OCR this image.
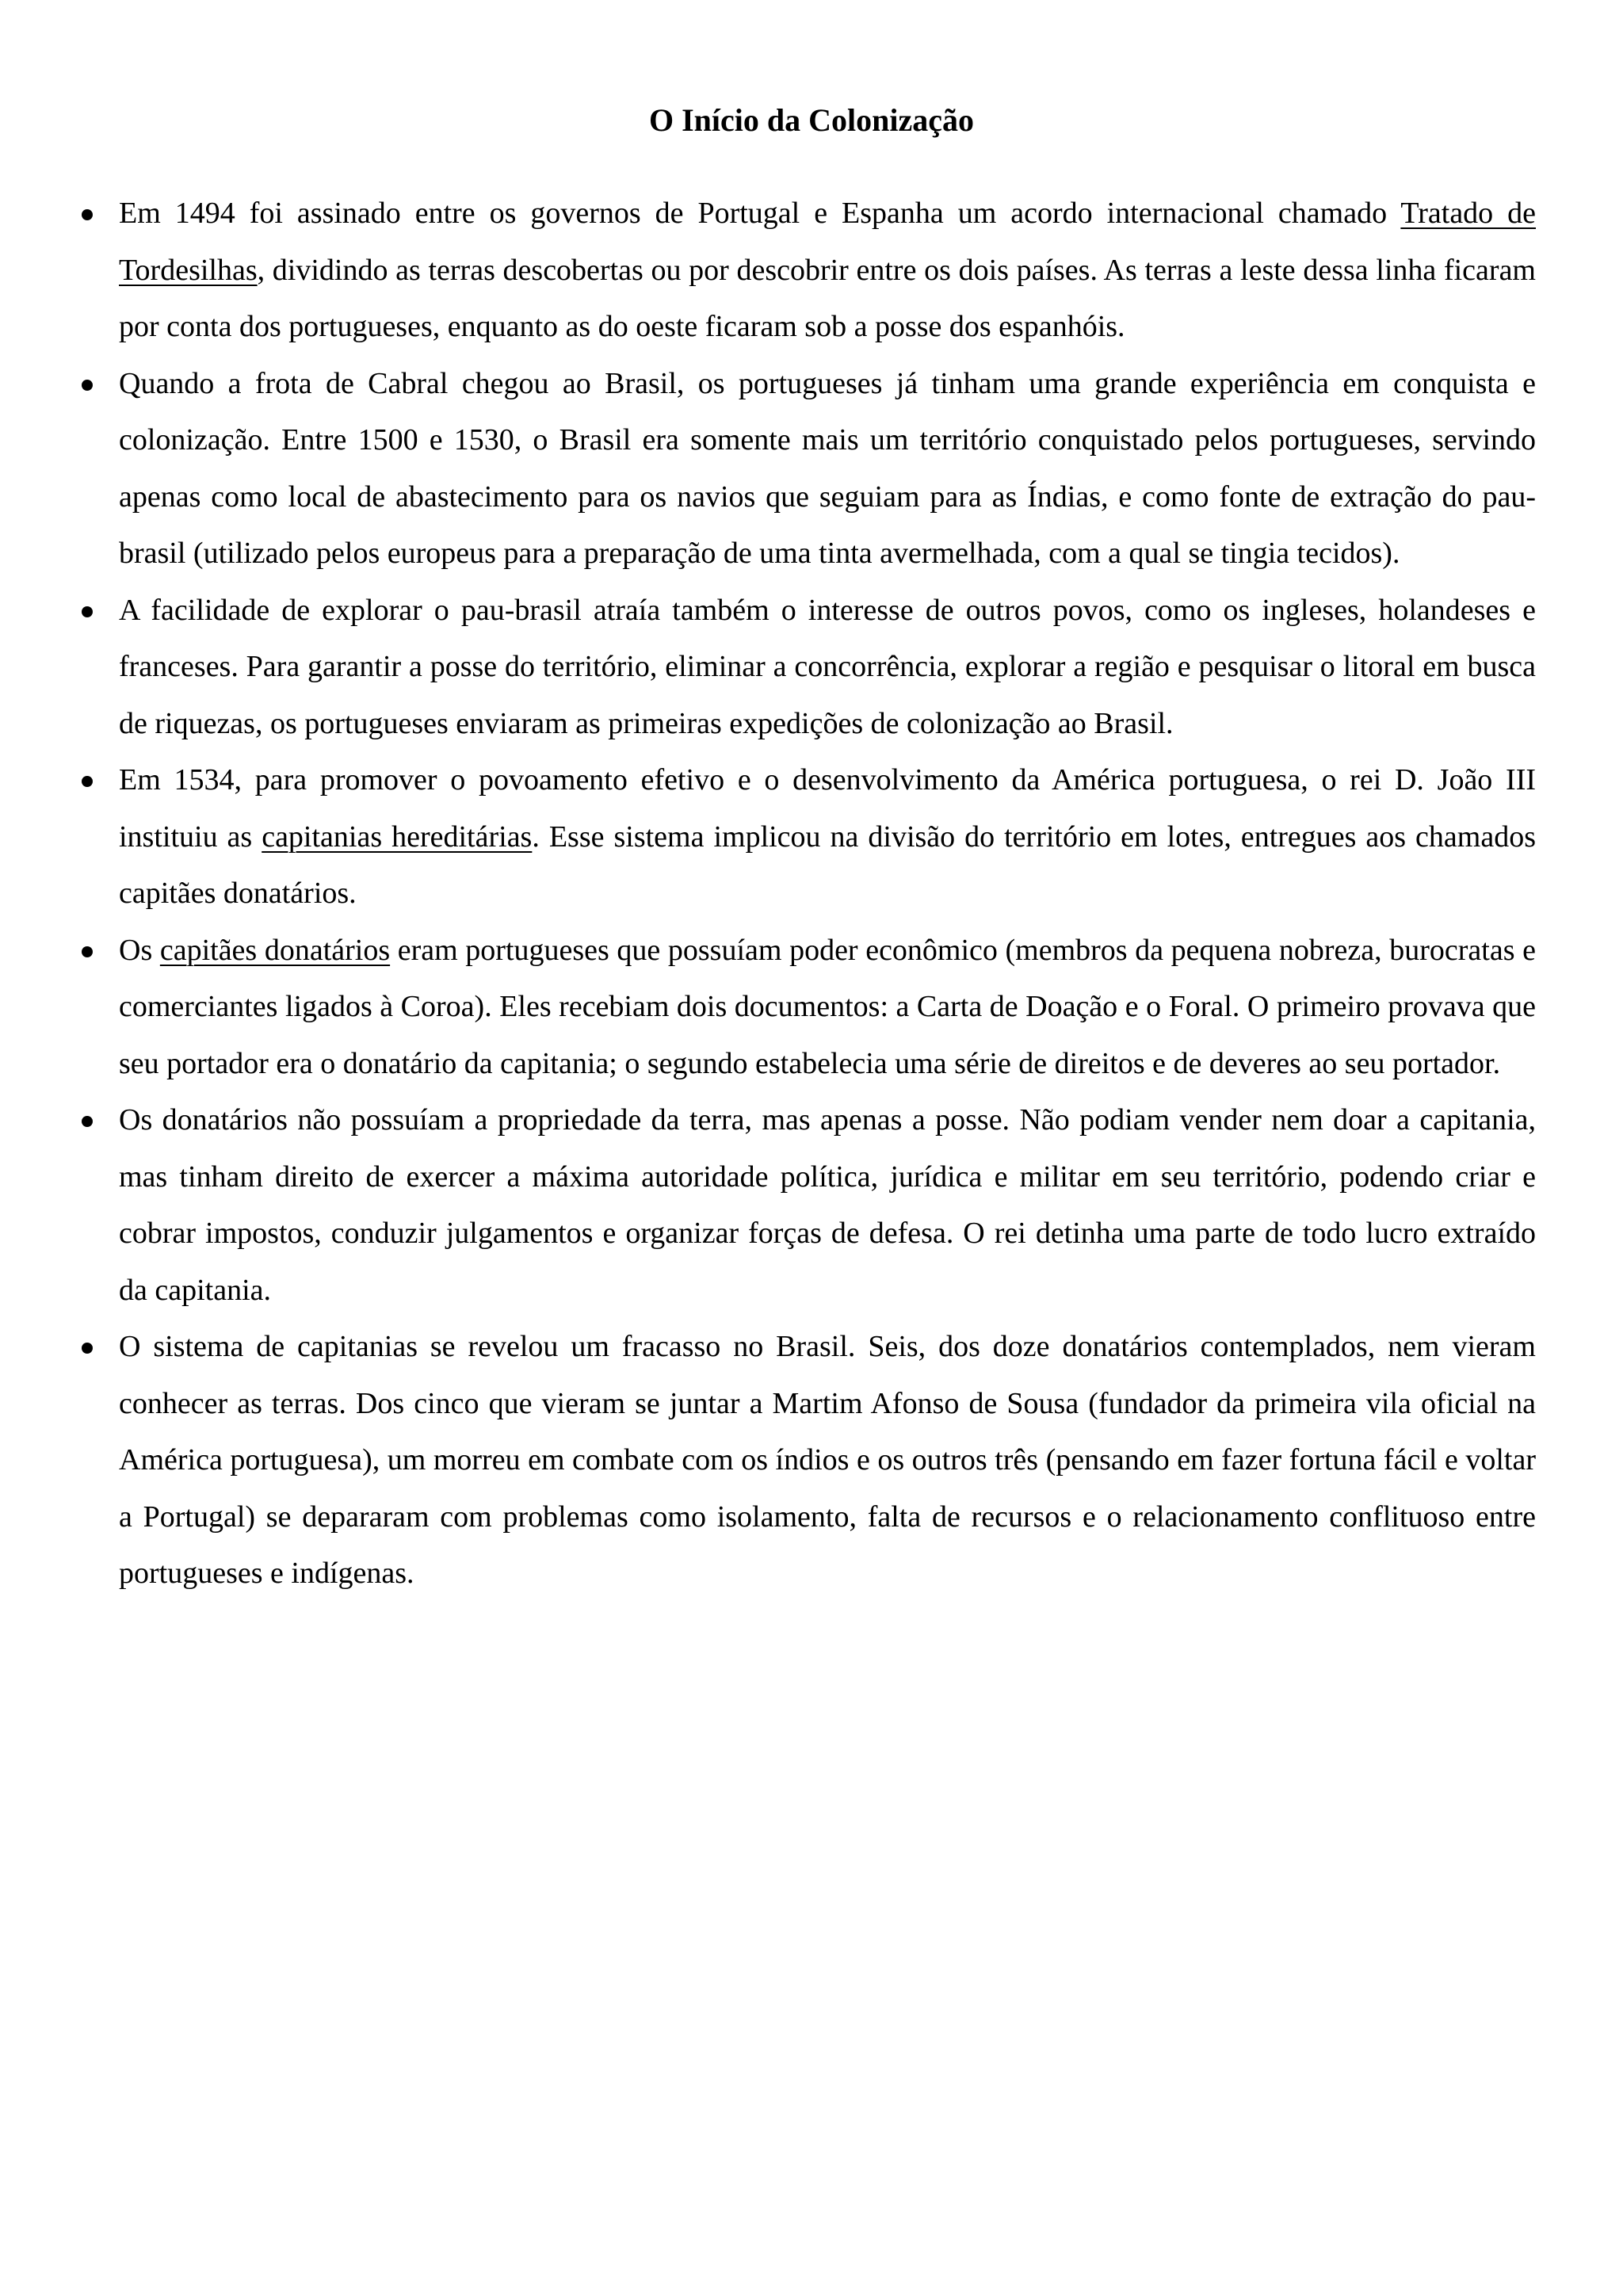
O Início da Colonização
Em 1494 foi assinado entre os governos de Portugal e Espanha um acordo internacional chamado Tratado de Tordesilhas, dividindo as terras descobertas ou por descobrir entre os dois países. As terras a leste dessa linha ficaram por conta dos portugueses, enquanto as do oeste ficaram sob a posse dos espanhóis.
Quando a frota de Cabral chegou ao Brasil, os portugueses já tinham uma grande experiência em conquista e colonização. Entre 1500 e 1530, o Brasil era somente mais um território conquistado pelos portugueses, servindo apenas como local de abastecimento para os navios que seguiam para as Índias, e como fonte de extração do pau-brasil (utilizado pelos europeus para a preparação de uma tinta avermelhada, com a qual se tingia tecidos).
A facilidade de explorar o pau-brasil atraía também o interesse de outros povos, como os ingleses, holandeses e franceses. Para garantir a posse do território, eliminar a concorrência, explorar a região e pesquisar o litoral em busca de riquezas, os portugueses enviaram as primeiras expedições de colonização ao Brasil.
Em 1534, para promover o povoamento efetivo e o desenvolvimento da América portuguesa, o rei D. João III instituiu as capitanias hereditárias. Esse sistema implicou na divisão do território em lotes, entregues aos chamados capitães donatários.
Os capitães donatários eram portugueses que possuíam poder econômico (membros da pequena nobreza, burocratas e comerciantes ligados à Coroa). Eles recebiam dois documentos: a Carta de Doação e o Foral. O primeiro provava que seu portador era o donatário da capitania; o segundo estabelecia uma série de direitos e de deveres ao seu portador.
Os donatários não possuíam a propriedade da terra, mas apenas a posse. Não podiam vender nem doar a capitania, mas tinham direito de exercer a máxima autoridade política, jurídica e militar em seu território, podendo criar e cobrar impostos, conduzir julgamentos e organizar forças de defesa. O rei detinha uma parte de todo lucro extraído da capitania.
O sistema de capitanias se revelou um fracasso no Brasil. Seis, dos doze donatários contemplados, nem vieram conhecer as terras. Dos cinco que vieram se juntar a Martim Afonso de Sousa (fundador da primeira vila oficial na América portuguesa), um morreu em combate com os índios e os outros três (pensando em fazer fortuna fácil e voltar a Portugal) se depararam com problemas como isolamento, falta de recursos e o relacionamento conflituoso entre portugueses e indígenas.
